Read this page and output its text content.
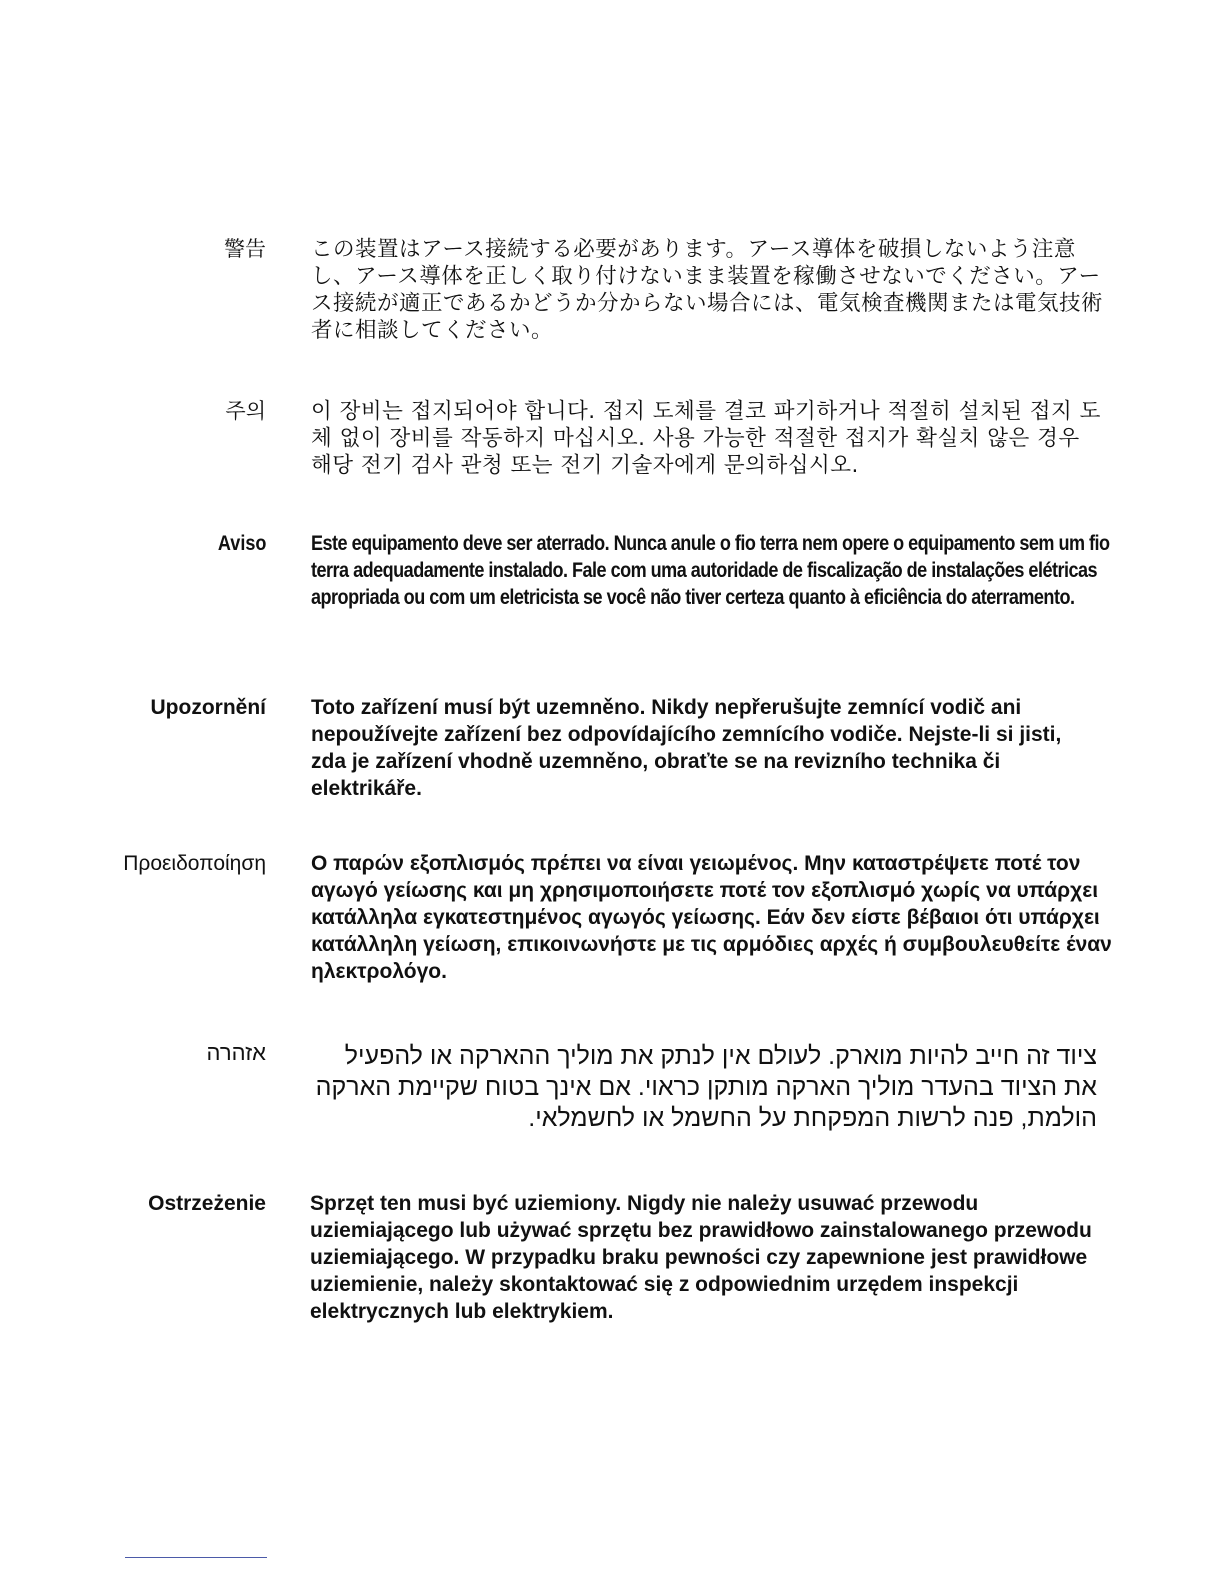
警告 この装置はアース接続する必要があります。アース導体を破損しないよう注意し、アース導体を正しく取り付けないまま装置を稼働させないでください。アース接続が適正であるかどうか分からない場合には、電気検査機関または電気技術者に相談してください。
주의 이 장비는 접지되어야 합니다. 접지 도체를 결코 파기하거나 적절히 설치된 접지 도체 없이 장비를 작동하지 마십시오. 사용 가능한 적절한 접지가 확실치 않은 경우 해당 전기 검사 관청 또는 전기 기술자에게 문의하십시오.
Aviso Este equipamento deve ser aterrado. Nunca anule o fio terra nem opere o equipamento sem um fio terra adequadamente instalado. Fale com uma autoridade de fiscalização de instalações elétricas apropriada ou com um eletricista se você não tiver certeza quanto à eficiência do aterramento.
Upozornění Toto zařízení musí být uzemněno. Nikdy nepřerušujte zemnící vodič ani nepoužívejte zařízení bez odpovídajícího zemnícího vodiče. Nejste-li si jisti, zda je zařízení vhodně uzemněno, obraťte se na revizního technika či elektrikáře.
Προειδοποίηση Ο παρών εξοπλισμός πρέπει να είναι γειωμένος. Μην καταστρέψετε ποτέ τον αγωγό γείωσης και μη χρησιμοποιήσετε ποτέ τον εξοπλισμό χωρίς να υπάρχει κατάλληλα εγκατεστημένος αγωγός γείωσης. Εάν δεν είστε βέβαιοι ότι υπάρχει κατάλληλη γείωση, επικοινωνήστε με τις αρμόδιες αρχές ή συμβουλευθείτε έναν ηλεκτρολόγο.
אזהרה	ציוד זה חייב להיות מוארק. לעולם אין לנתק את מוליך ההארקה או להפעיל את הציוד בהעדר מוליך הארקה מותקן כראוי. אם אינך בטוח שקיימת הארקה הולמת, פנה לרשות המפקחת על החשמל או לחשמלאי.
Ostrzeżenie Sprzęt ten musi być uziemiony. Nigdy nie należy usuwać przewodu uziemiającego lub używać sprzętu bez prawidłowo zainstalowanego przewodu uziemiającego. W przypadku braku pewności czy zapewnione jest prawidłowe uziemienie, należy skontaktować się z odpowiednim urzędem inspekcji elektrycznych lub elektrykiem.
